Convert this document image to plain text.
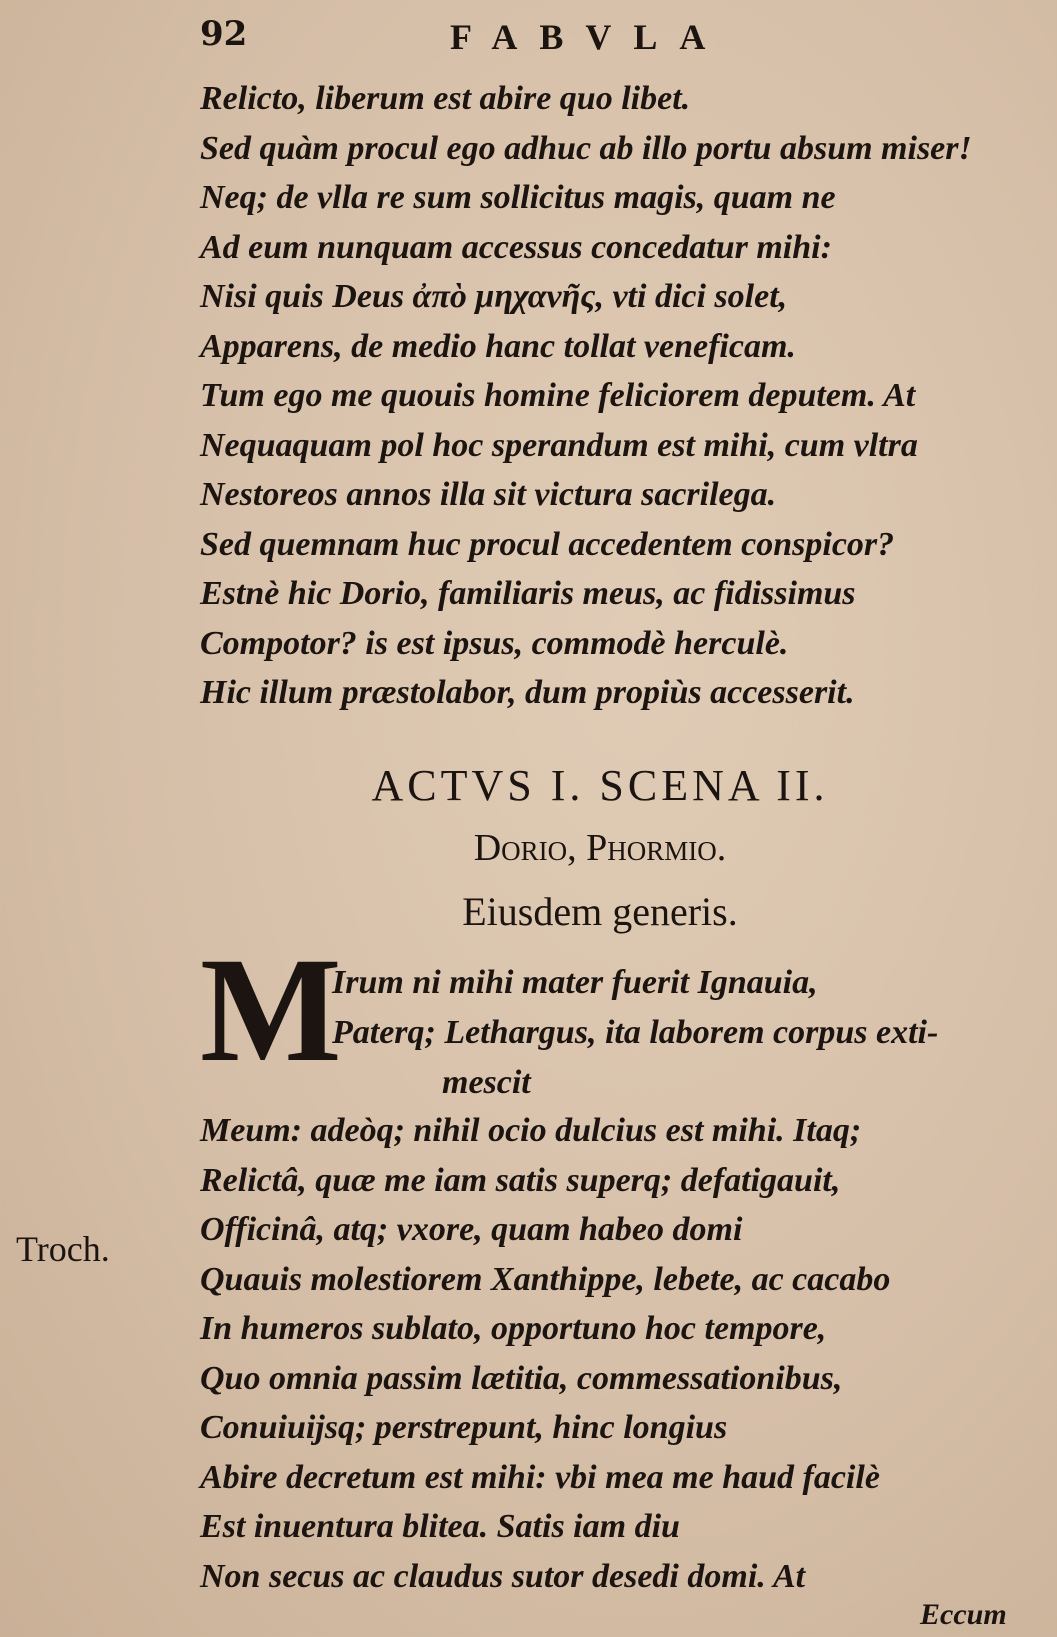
92	FABVLA
Relicto, liberum est abire quo libet.
Sed quàm procul ego adhuc ab illo portu absum miser!
Neq; de vlla re sum sollicitus magis, quam ne
Ad eum nunquam accessus concedatur mihi:
Nisi quis Deus ἀπὸ μηχανῆς, vti dici solet,
Apparens, de medio hanc tollat veneficam.
Tum ego me quouis homine feliciorem deputem. At
Nequaquam pol hoc sperandum est mihi, cum vltra
Nestoreos annos illa sit victura sacrilega.
Sed quemnam huc procul accedentem conspicor?
Estnè hic Dorio, familiaris meus, ac fidissimus
Compotor? is est ipsus, commodè herculè.
Hic illum præstolabor, dum propiùs accesserit.
ACTVS I. SCENA II.
Dorio, Phormio.
Eiusdem generis.
M
Irum ni mihi mater fuerit Ignauia,
Paterq; Lethargus, ita laborem corpus exti-
mescit
Meum: adeòq; nihil ocio dulcius est mihi. Itaq;
Relictâ, quæ me iam satis superq; defatigauit,
Officinâ, atq; vxore, quam habeo domi
Quauis molestiorem Xanthippe, lebete, ac cacabo
In humeros sublato, opportuno hoc tempore,
Quo omnia passim lætitia, commessationibus,
Conuiuijsq; perstrepunt, hinc longius
Abire decretum est mihi: vbi mea me haud facilè
Est inuentura blitea. Satis iam diu
Non secus ac claudus sutor desedi domi. At
Troch.
Eccum
